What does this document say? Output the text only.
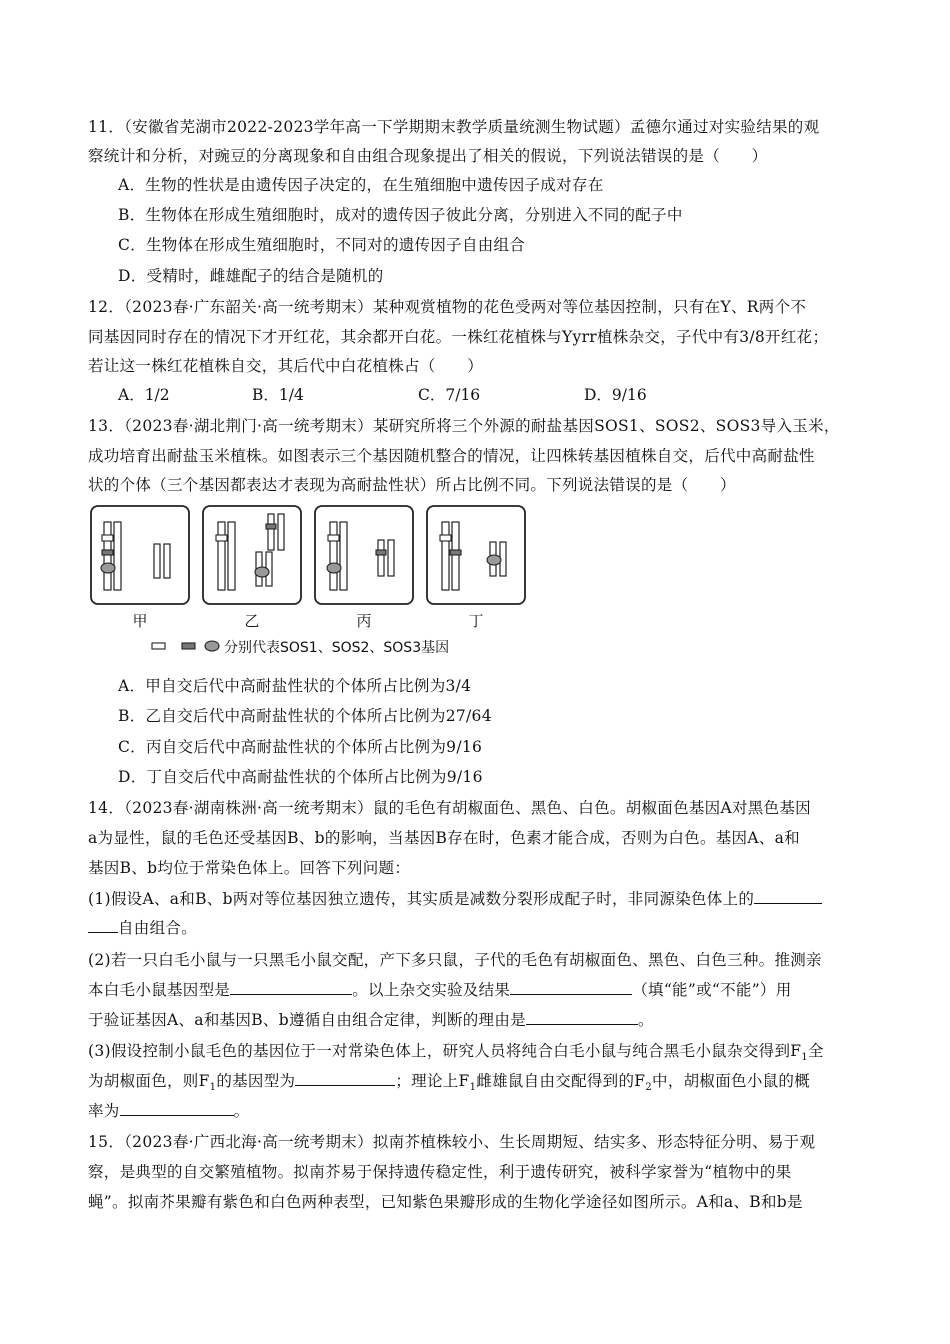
11．（安徽省芜湖市2022-2023学年高一下学期期末教学质量统测生物试题）孟德尔通过对实验结果的观
察统计和分析，对豌豆的分离现象和自由组合现象提出了相关的假说，下列说法错误的是（　　）
A．生物的性状是由遗传因子决定的，在生殖细胞中遗传因子成对存在
B．生物体在形成生殖细胞时，成对的遗传因子彼此分离，分别进入不同的配子中
C．生物体在形成生殖细胞时，不同对的遗传因子自由组合
D．受精时，雌雄配子的结合是随机的
12．（2023春·广东韶关·高一统考期末）某种观赏植物的花色受两对等位基因控制，只有在Y、R两个不
同基因同时存在的情况下才开红花，其余都开白花。一株红花植株与Yyrr植株杂交，子代中有3/8开红花；
若让这一株红花植株自交，其后代中白花植株占（　　）
A．1/2	B．1/4	C．7/16	D．9/16
13．（2023春·湖北荆门·高一统考期末）某研究所将三个外源的耐盐基因SOS1、SOS2、SOS3导入玉米，
成功培育出耐盐玉米植株。如图表示三个基因随机整合的情况，让四株转基因植株自交，后代中高耐盐性
状的个体（三个基因都表达才表现为高耐盐性状）所占比例不同。下列说法错误的是（　　）
甲	乙	丙	丁
分别代表SOS1、SOS2、SOS3基因
A．甲自交后代中高耐盐性状的个体所占比例为3/4
B．乙自交后代中高耐盐性状的个体所占比例为27/64
C．丙自交后代中高耐盐性状的个体所占比例为9/16
D．丁自交后代中高耐盐性状的个体所占比例为9/16
14．（2023春·湖南株洲·高一统考期末）鼠的毛色有胡椒面色、黑色、白色。胡椒面色基因A对黑色基因
a为显性，鼠的毛色还受基因B、b的影响，当基因B存在时，色素才能合成，否则为白色。基因A、a和
基因B、b均位于常染色体上。回答下列问题：
(1)假设A、a和B、b两对等位基因独立遗传，其实质是减数分裂形成配子时，非同源染色体上的
自由组合。
(2)若一只白毛小鼠与一只黑毛小鼠交配，产下多只鼠，子代的毛色有胡椒面色、黑色、白色三种。推测亲
本白毛小鼠基因型是	。以上杂交实验及结果	（填“能”或“不能”）用
于验证基因A、a和基因B、b遵循自由组合定律，判断的理由是	。
(3)假设控制小鼠毛色的基因位于一对常染色体上，研究人员将纯合白毛小鼠与纯合黑毛小鼠杂交得到$F_1$全
为胡椒面色，则$F_1$的基因型为	；理论上$F_1$雌雄鼠自由交配得到的$F_2$中，胡椒面色小鼠的概
率为	。
15．（2023春·广西北海·高一统考期末）拟南芥植株较小、生长周期短、结实多、形态特征分明、易于观
察，是典型的自交繁殖植物。拟南芥易于保持遗传稳定性，利于遗传研究，被科学家誉为“植物中的果
蝇”。拟南芥果瓣有紫色和白色两种表型，已知紫色果瓣形成的生物化学途径如图所示。A和a、B和b是
